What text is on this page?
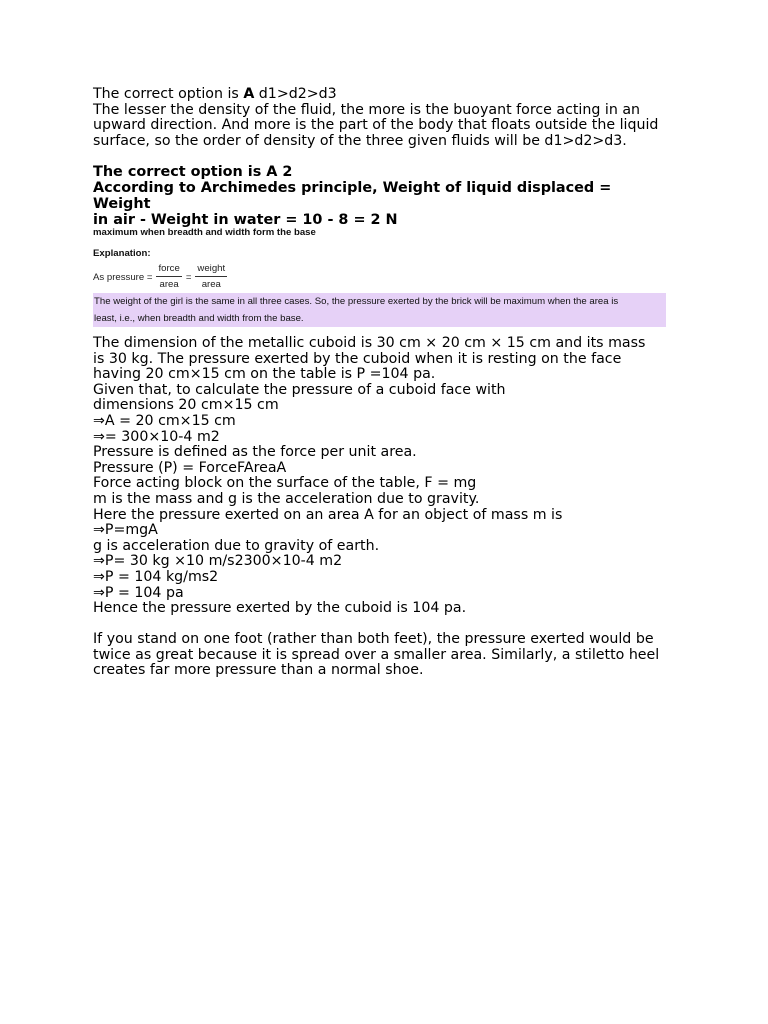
The correct option is A d1>d2>d3

The lesser the density of the fluid, the more is the buoyant force acting in an

upward direction. And more is the part of the body that floats outside the liquid

surface, so the order of density of the three given fluids will be d1>d2>d3.

The correct option is A 2

According to Archimedes principle, Weight of liquid displaced = Weight

in air - Weight in water = 10 - 8 = 2 N

maximum when breadth and width form the base
Explanation:
As pressure = $\frac{\text{force}}{\text{area}} = \frac{\text{weight}}{\text{area}}$
The weight of the girl is the same in all three cases. So, the pressure exerted by the brick will be maximum when the area is
least, i.e., when breadth and width from the base.

The dimension of the metallic cuboid is 30 cm × 20 cm × 15 cm and its mass

is 30 kg. The pressure exerted by the cuboid when it is resting on the face

having 20 cm×15 cm on the table is P =104 pa.

Given that, to calculate the pressure of a cuboid face with

dimensions 20 cm×15 cm

⇒A = 20 cm×15 cm

⇒= 300×10-4 m2

Pressure is defined as the force per unit area.

Pressure (P) = ForceFAreaA

Force acting block on the surface of the table, F = mg

m is the mass and g is the acceleration due to gravity.

Here the pressure exerted on an area A for an object of mass m is

⇒P=mgA

g is acceleration due to gravity of earth.

⇒P= 30 kg ×10 m/s2300×10-4 m2

⇒P = 104 kg/ms2

⇒P = 104 pa

Hence the pressure exerted by the cuboid is 104 pa.

If you stand on one foot (rather than both feet), the pressure exerted would be

twice as great because it is spread over a smaller area. Similarly, a stiletto heel

creates far more pressure than a normal shoe.
